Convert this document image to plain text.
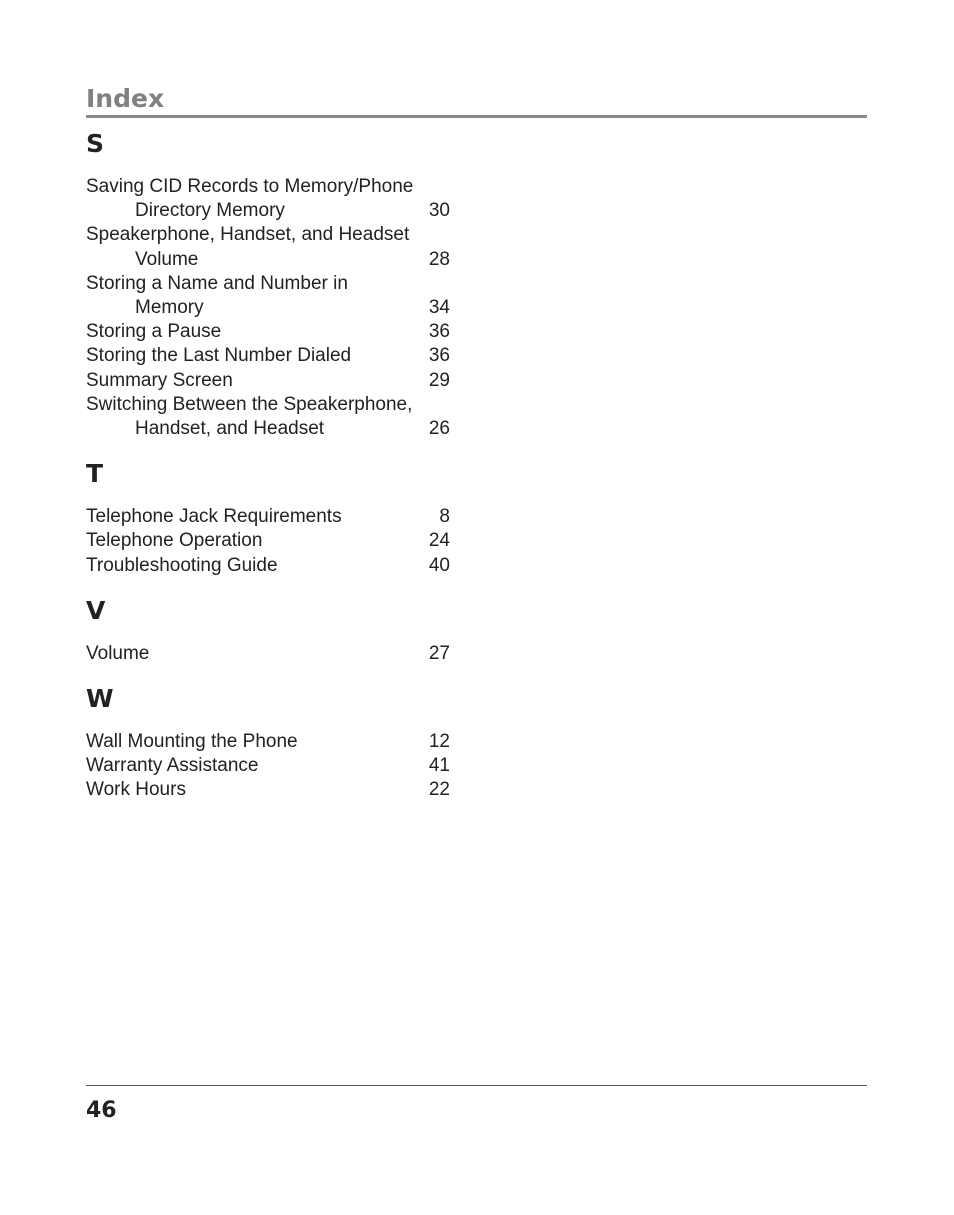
Index
S
Saving CID Records to Memory/Phone
Directory Memory	30
Speakerphone, Handset, and Headset
Volume	28
Storing a Name and Number in
Memory	34
Storing a Pause	36
Storing the Last Number Dialed	36
Summary Screen	29
Switching Between the Speakerphone,
Handset, and Headset	26
T
Telephone Jack Requirements	8
Telephone Operation	24
Troubleshooting Guide	40
V
Volume	27
W
Wall Mounting the Phone	12
Warranty Assistance	41
Work Hours	22
46
